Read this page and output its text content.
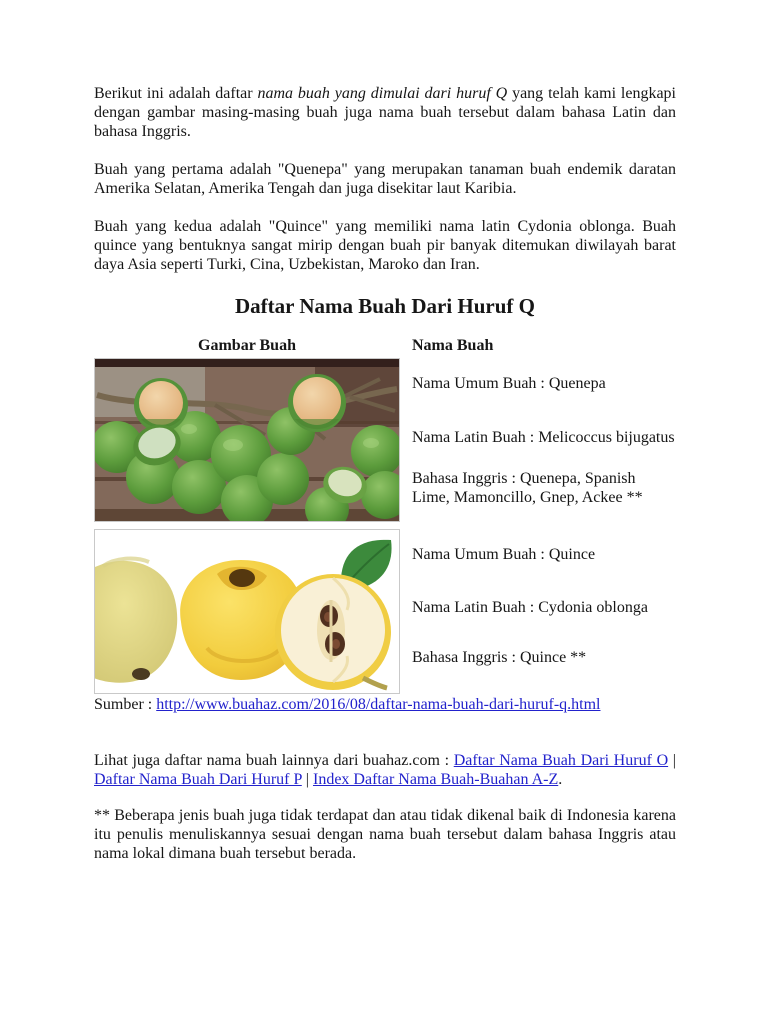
Berikut ini adalah daftar nama buah yang dimulai dari huruf Q yang telah kami lengkapi dengan gambar masing-masing buah juga nama buah tersebut dalam bahasa Latin dan bahasa Inggris.

Buah yang pertama adalah "Quenepa" yang merupakan tanaman buah endemik daratan Amerika Selatan, Amerika Tengah dan juga disekitar laut Karibia.

Buah yang kedua adalah "Quince" yang memiliki nama latin Cydonia oblonga. Buah quince yang bentuknya sangat mirip dengan buah pir banyak ditemukan diwilayah barat daya Asia seperti Turki, Cina, Uzbekistan, Maroko dan Iran.

Daftar Nama Buah Dari Huruf Q
Gambar Buah	Nama Buah
Nama Umum Buah : Quenepa
Nama Latin Buah : Melicoccus bijugatus
Bahasa Inggris : Quenepa, Spanish Lime, Mamoncillo, Gnep, Ackee **
Nama Umum Buah : Quince
Nama Latin Buah : Cydonia oblonga
Bahasa Inggris : Quince **

Sumber : http://www.buahaz.com/2016/08/daftar-nama-buah-dari-huruf-q.html

Lihat juga daftar nama buah lainnya dari buahaz.com : Daftar Nama Buah Dari Huruf O | Daftar Nama Buah Dari Huruf P | Index Daftar Nama Buah-Buahan A-Z.

** Beberapa jenis buah juga tidak terdapat dan atau tidak dikenal baik di Indonesia karena itu penulis menuliskannya sesuai dengan nama buah tersebut dalam bahasa Inggris atau nama lokal dimana buah tersebut berada.
